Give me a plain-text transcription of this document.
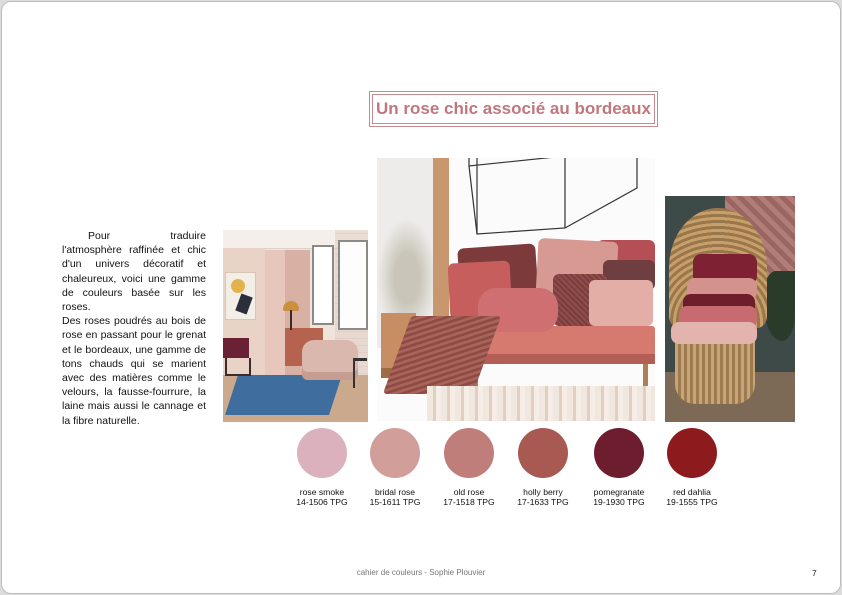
Un rose chic associé au bordeaux

Pour traduire l'atmosphère raffinée et chic d'un univers décoratif et chaleureux, voici une gamme de couleurs basée sur les roses.

Des roses poudrés au bois de rose en passant pour le grenat et le bordeaux, une gamme de tons chauds qui se marient avec des matières comme le velours, la fausse-fourrure, la laine mais aussi le cannage et la fibre naturelle.

rose smoke
14-1506 TPG
bridal rose
15-1611 TPG
old rose
17-1518 TPG
holly berry
17-1633 TPG
pomegranate
19-1930 TPG
red dahlia
19-1555 TPG
cahier de couleurs - Sophie Plouvier	7
